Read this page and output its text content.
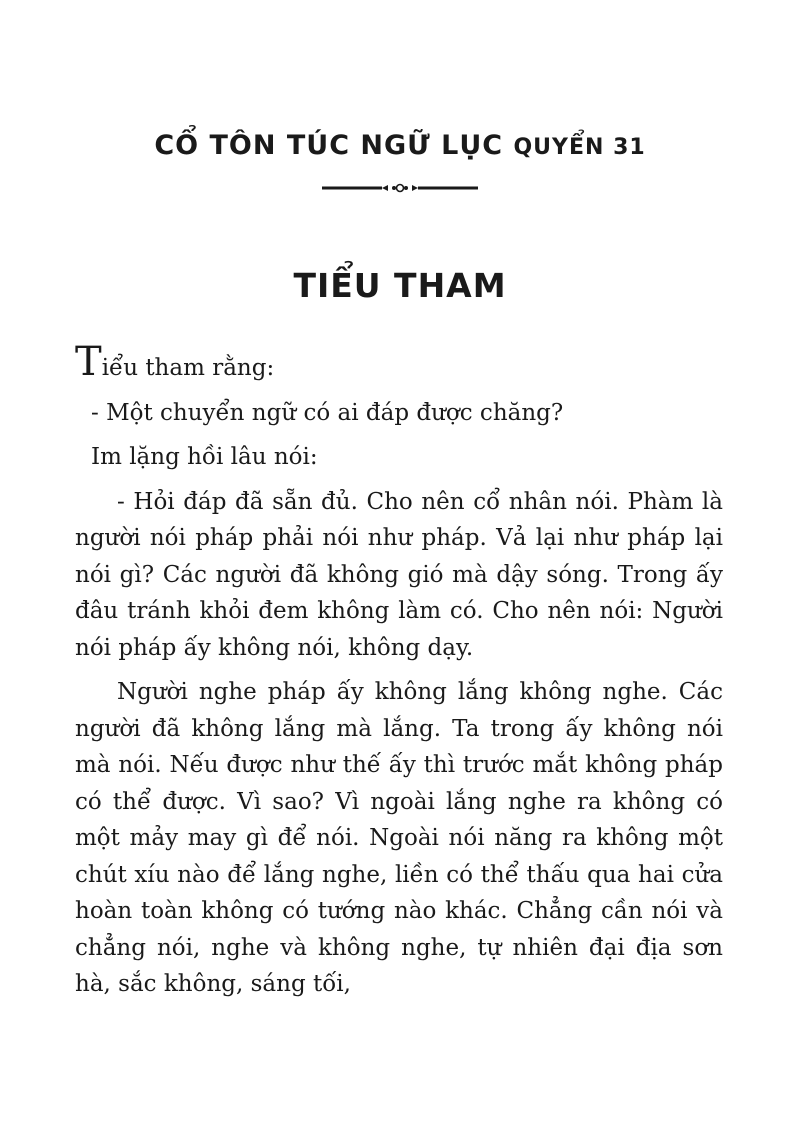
CỔ TÔN TÚC NGỮ LỤC QUYỂN 31
TIỂU THAM

Tiểu tham rằng:

- Một chuyển ngữ có ai đáp được chăng?

Im lặng hồi lâu nói:

- Hỏi đáp đã sẵn đủ. Cho nên cổ nhân nói. Phàm là người nói pháp phải nói như pháp. Vả lại như pháp lại nói gì? Các người đã không gió mà dậy sóng. Trong ấy đâu tránh khỏi đem không làm có. Cho nên nói: Người nói pháp ấy không nói, không dạy.

Người nghe pháp ấy không lắng không nghe. Các người đã không lắng mà lắng. Ta trong ấy không nói mà nói. Nếu được như thế ấy thì trước mắt không pháp có thể được. Vì sao? Vì ngoài lắng nghe ra không có một mảy may gì để nói. Ngoài nói năng ra không một chút xíu nào để lắng nghe, liền có thể thấu qua hai cửa hoàn toàn không có tướng nào khác. Chẳng cần nói và chẳng nói, nghe và không nghe, tự nhiên đại địa sơn hà, sắc không, sáng tối,
